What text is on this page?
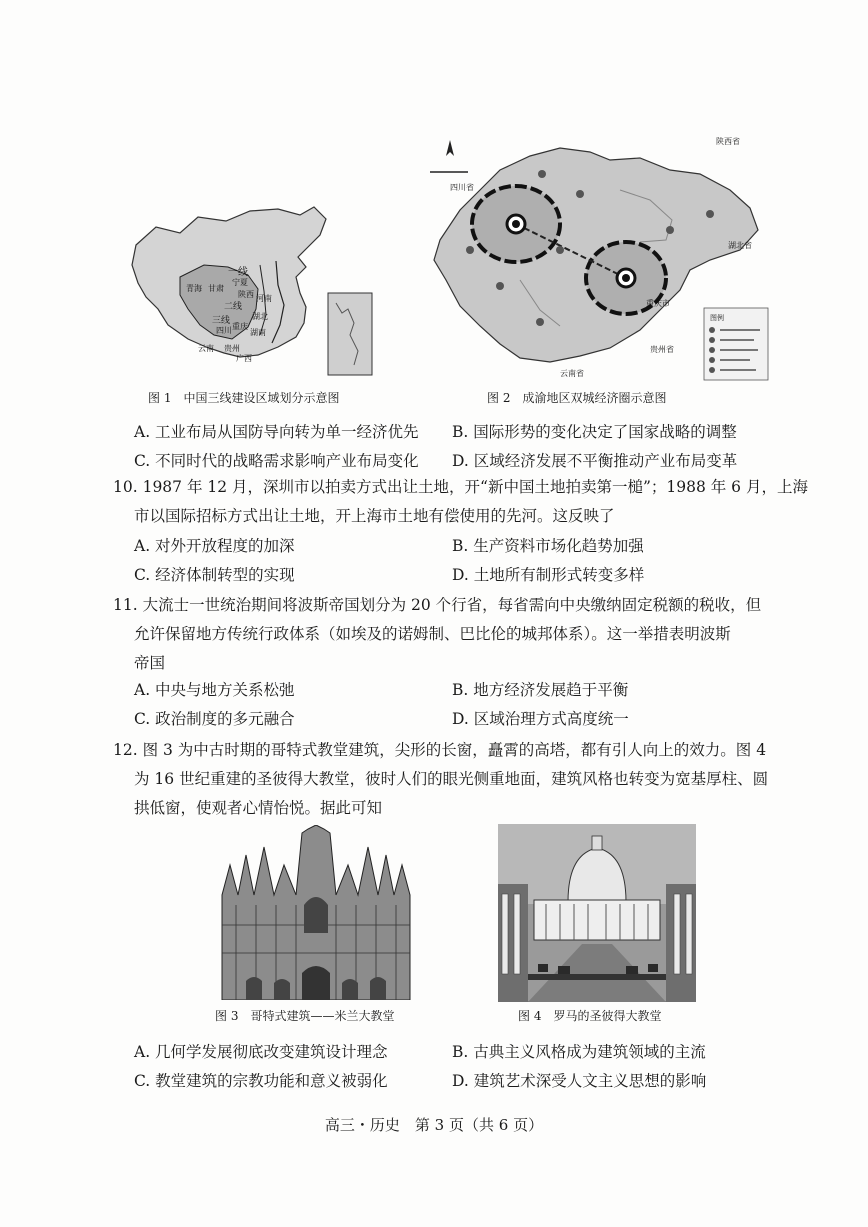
一线
二线
三线
青海 甘肃
宁夏
陕西 河南
四川 重庆
湖北
湖南
云南 贵州
广西
图 1　中国三线建设区域划分示意图
陕西省
四川省
重庆市
湖北省
贵州省
云南省
图例
图 2　成渝地区双城经济圈示意图
A. 工业布局从国防导向转为单一经济优先 B. 国际形势的变化决定了国家战略的调整
C. 不同时代的战略需求影响产业布局变化 D. 区域经济发展不平衡推动产业布局变革
10. 1987 年 12 月，深圳市以拍卖方式出让土地，开“新中国土地拍卖第一槌”；1988 年 6 月，上海
市以国际招标方式出让土地，开上海市土地有偿使用的先河。这反映了
A. 对外开放程度的加深	B. 生产资料市场化趋势加强
C. 经济体制转型的实现	D. 土地所有制形式转变多样
11. 大流士一世统治期间将波斯帝国划分为 20 个行省，每省需向中央缴纳固定税额的税收，但
允许保留地方传统行政体系（如埃及的诺姆制、巴比伦的城邦体系）。这一举措表明波斯
帝国
A. 中央与地方关系松弛	B. 地方经济发展趋于平衡
C. 政治制度的多元融合	D. 区域治理方式高度统一
12. 图 3 为中古时期的哥特式教堂建筑，尖形的长窗，矗霄的高塔，都有引人向上的效力。图 4
为 16 世纪重建的圣彼得大教堂，彼时人们的眼光侧重地面，建筑风格也转变为宽基厚柱、圆
拱低窗，使观者心情怡悦。据此可知
图 3　哥特式建筑——米兰大教堂	图 4　罗马的圣彼得大教堂
A. 几何学发展彻底改变建筑设计理念	B. 古典主义风格成为建筑领域的主流
C. 教堂建筑的宗教功能和意义被弱化	D. 建筑艺术深受人文主义思想的影响
高三・历史　第 3 页（共 6 页）
